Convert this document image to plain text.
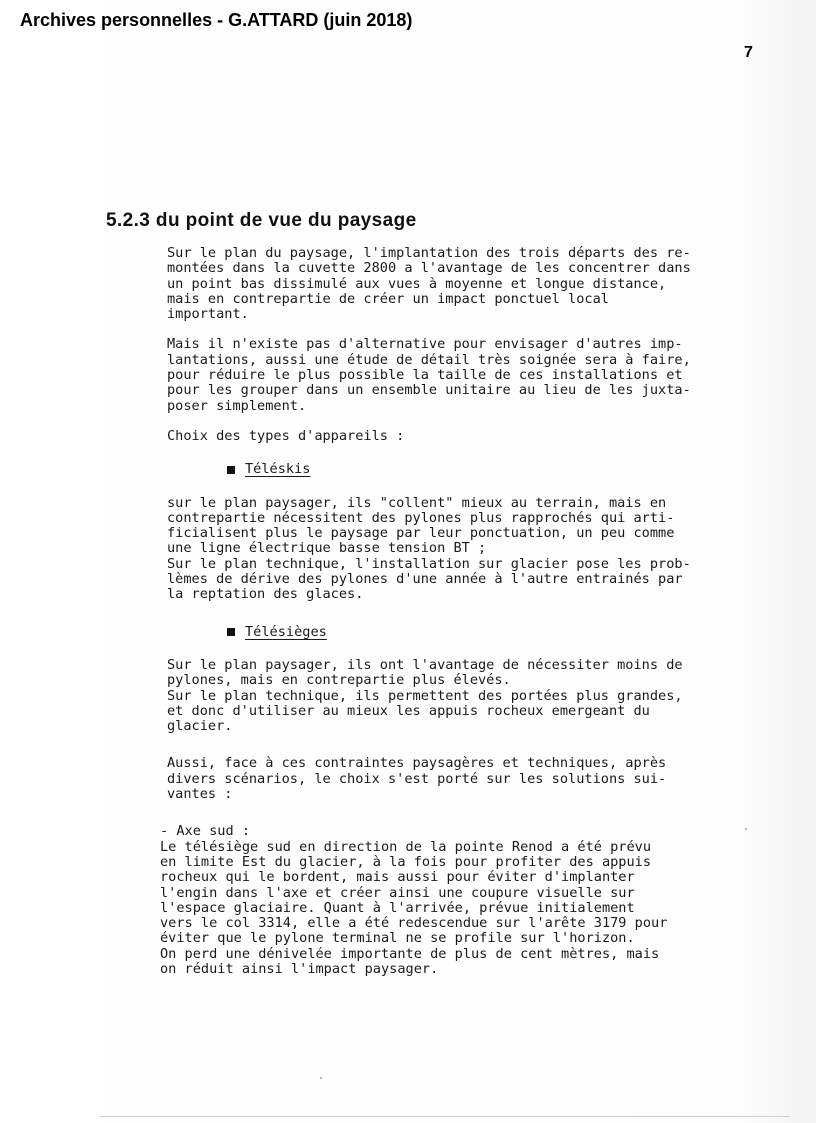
Archives personnelles - G.ATTARD (juin 2018)
7
5.2.3 du point de vue du paysage

Sur le plan du paysage, l'implantation des trois départs des re-
montées dans la cuvette 2800 a l'avantage de les concentrer dans
un point bas dissimulé aux vues à moyenne et longue distance,
mais en contrepartie de créer un impact ponctuel local important.

Mais il n'existe pas d'alternative pour envisager d'autres imp-
lantations, aussi une étude de détail très soignée sera à faire,
pour réduire le plus possible la taille de ces installations et
pour les grouper dans un ensemble unitaire au lieu de les juxta-
poser simplement.

Choix des types d'appareils :

Téléskis

sur le plan paysager, ils "collent" mieux au terrain, mais en
contrepartie nécessitent des pylones plus rapprochés qui arti-
ficialisent plus le paysage par leur ponctuation, un peu comme
une ligne électrique basse tension BT ;
Sur le plan technique, l'installation sur glacier pose les prob-
lèmes de dérive des pylones d'une année à l'autre entrainés par
la reptation des glaces.

Télésièges

Sur le plan paysager, ils ont l'avantage de nécessiter moins de
pylones, mais en contrepartie plus élevés.
Sur le plan technique, ils permettent des portées plus grandes,
et donc d'utiliser au mieux les appuis rocheux emergeant du
glacier.

Aussi, face à ces contraintes paysagères et techniques, après
divers scénarios, le choix s'est porté sur les solutions sui-
vantes :

- Axe sud :

Le télésiège sud en direction de la pointe Renod a été prévu
en limite Est du glacier, à la fois pour profiter des appuis
rocheux qui le bordent, mais aussi pour éviter d'implanter
l'engin dans l'axe et créer ainsi une coupure visuelle sur
l'espace glaciaire. Quant à l'arrivée, prévue initialement
vers le col 3314, elle a été redescendue sur l'arête 3179 pour
éviter que le pylone terminal ne se profile sur l'horizon.
On perd une dénivelée importante de plus de cent mètres, mais
on réduit ainsi l'impact paysager.
